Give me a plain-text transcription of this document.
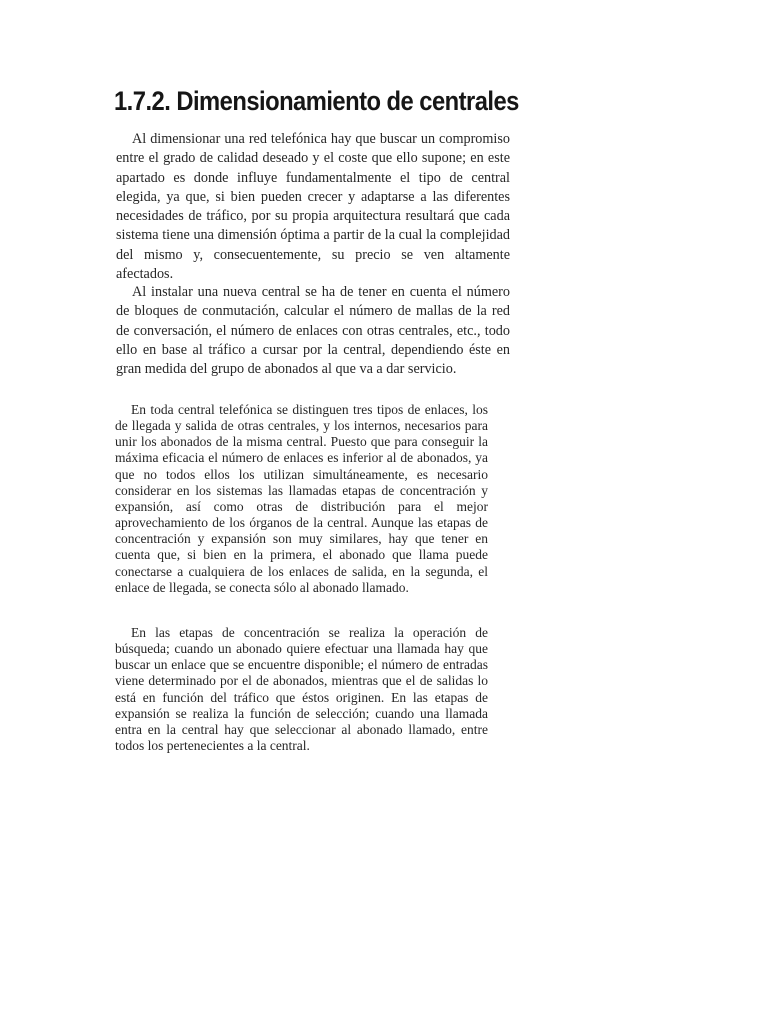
1.7.2. Dimensionamiento de centrales

Al dimensionar una red telefónica hay que buscar un compromiso entre el grado de calidad deseado y el coste que ello supone; en este apartado es donde influye fundamentalmente el tipo de central elegida, ya que, si bien pueden crecer y adaptarse a las diferentes necesidades de tráfico, por su propia arquitectura resultará que cada sistema tiene una dimensión óptima a partir de la cual la complejidad del mismo y, consecuentemente, su precio se ven altamente afectados.

Al instalar una nueva central se ha de tener en cuenta el número de bloques de conmutación, calcular el número de mallas de la red de conversación, el número de enlaces con otras centrales, etc., todo ello en base al tráfico a cursar por la central, dependiendo éste en gran medida del grupo de abonados al que va a dar servicio.

En toda central telefónica se distinguen tres tipos de enlaces, los de llegada y salida de otras centrales, y los internos, necesarios para unir los abonados de la misma central. Puesto que para conseguir la máxima eficacia el número de enlaces es inferior al de abonados, ya que no todos ellos los utilizan simultáneamente, es necesario considerar en los sistemas las llamadas etapas de concentración y expansión, así como otras de distribución para el mejor aprovechamiento de los órganos de la central. Aunque las etapas de concentración y expansión son muy similares, hay que tener en cuenta que, si bien en la primera, el abonado que llama puede conectarse a cualquiera de los enlaces de salida, en la segunda, el enlace de llegada, se conecta sólo al abonado llamado.

En las etapas de concentración se realiza la operación de búsqueda; cuando un abonado quiere efectuar una llamada hay que buscar un enlace que se encuentre disponible; el número de entradas viene determinado por el de abonados, mientras que el de salidas lo está en función del tráfico que éstos originen. En las etapas de expansión se realiza la función de selección; cuando una llamada entra en la central hay que seleccionar al abonado llamado, entre todos los pertenecientes a la central.
